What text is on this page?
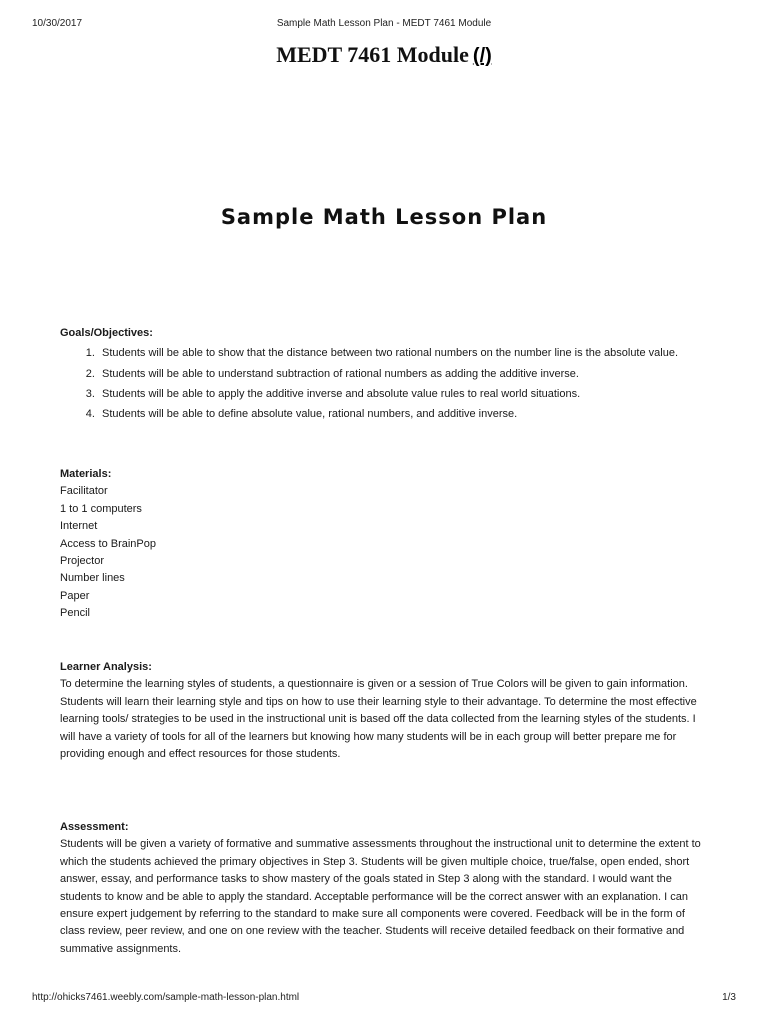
10/30/2017	Sample Math Lesson Plan - MEDT 7461 Module
MEDT 7461 Module (/)
Sample Math Lesson Plan
Goals/Objectives:
1. Students will be able to show that the distance between two rational numbers on the number line is the absolute value.
2. Students will be able to understand subtraction of rational numbers as adding the additive inverse.
3. Students will be able to apply the additive inverse and absolute value rules to real world situations.
4. Students will be able to define absolute value, rational numbers, and additive inverse.
Materials:
Facilitator
1 to 1 computers
Internet
Access to BrainPop
Projector
Number lines
Paper
Pencil
Learner Analysis:

To determine the learning styles of students, a questionnaire is given or a session of True Colors will be given to gain information. Students will learn their learning style and tips on how to use their learning style to their advantage. To determine the most effective learning tools/ strategies to be used in the instructional unit is based off the data collected from the learning styles of the students. I will have a variety of tools for all of the learners but knowing how many students will be in each group will better prepare me for providing enough and effect resources for those students.

Assessment:

Students will be given a variety of formative and summative assessments throughout the instructional unit to determine the extent to which the students achieved the primary objectives in Step 3. Students will be given multiple choice, true/false, open ended, short answer, essay, and performance tasks to show mastery of the goals stated in Step 3 along with the standard. I would want the students to know and be able to apply the standard. Acceptable performance will be the correct answer with an explanation. I can ensure expert judgement by referring to the standard to make sure all components were covered. Feedback will be in the form of class review, peer review, and one on one review with the teacher. Students will receive detailed feedback on their formative and summative assignments.

http://ohicks7461.weebly.com/sample-math-lesson-plan.html	1/3
